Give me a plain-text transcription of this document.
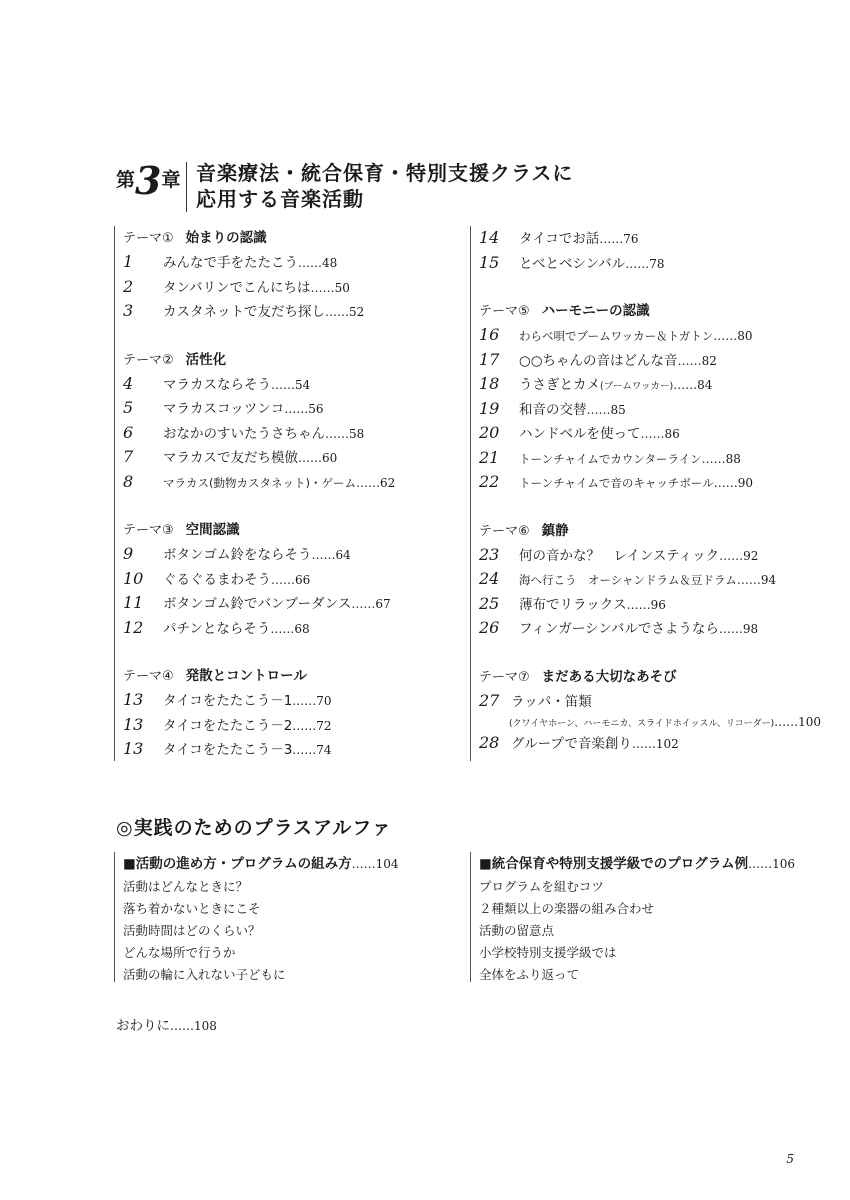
第3章 音楽療法・統合保育・特別支援クラスに
応用する音楽活動
テーマ① 始まりの認識
1 みんなで手をたたこう……48
2 タンバリンでこんにちは……50
3 カスタネットで友だち探し……52
テーマ② 活性化
4 マラカスならそう……54
5 マラカスコッツンコ……56
6 おなかのすいたうさちゃん……58
7 マラカスで友だち模倣……60
8	マラカス(動物カスタネット)・ゲーム……62
テーマ③ 空間認識
9 ボタンゴム鈴をならそう……64
10 ぐるぐるまわそう……66
11 ボタンゴム鈴でバンブーダンス……67
12 パチンとならそう……68
テーマ④ 発散とコントロール
13 タイコをたたこう－1……70
13 タイコをたたこう－2……72
13 タイコをたたこう－3……74
14 タイコでお話……76
15 とべとベシンバル……78
テーマ⑤ ハーモニーの認識
16 わらべ唄でブームワッカー＆トガトン……80
17 ○○ちゃんの音はどんな音……82
18 うさぎとカメ(ブームワッカー)……84
19 和音の交替……85
20 ハンドベルを使って……86
21 トーンチャイムでカウンターライン……88
22 トーンチャイムで音のキャッチボール……90
テーマ⑥ 鎮静
23 何の音かな？　レインスティック……92
24 海へ行こう　オーシャンドラム＆豆ドラム……94
25 薄布でリラックス……96
26 フィンガーシンバルでさようなら……98
テーマ⑦ まだある大切なあそび
27 ラッパ・笛類
(クワイヤホーン、ハーモニカ、スライドホイッスル、リコーダー)……100
28 グループで音楽創り……102
◎実践のためのプラスアルファ
■活動の進め方・プログラムの組み方……104
活動はどんなときに？
落ち着かないときにこそ
活動時間はどのくらい？
どんな場所で行うか
活動の輪に入れない子どもに
■統合保育や特別支援学級でのプログラム例……106
プログラムを組むコツ
２種類以上の楽器の組み合わせ
活動の留意点
小学校特別支援学級では
全体をふり返って
おわりに……108
5
